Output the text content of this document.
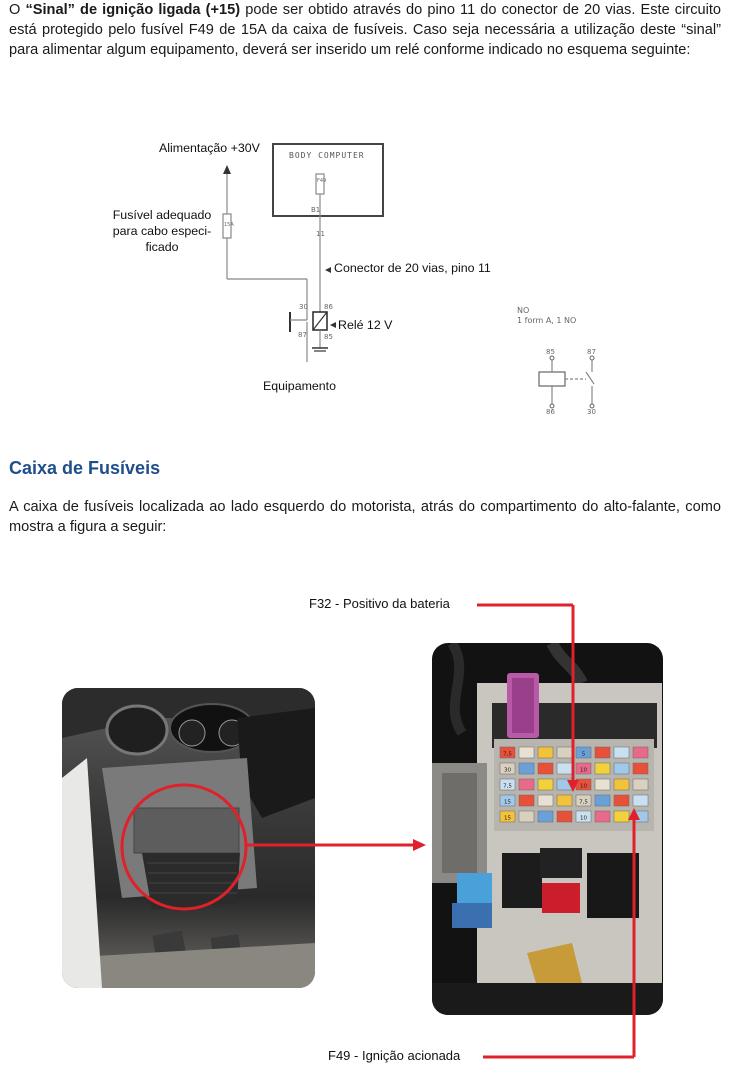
O “Sinal” de ignição ligada (+15) pode ser obtido através do pino 11 do conector de 20 vias. Este circuito está protegido pelo fusível F49 de 15A da caixa de fusíveis. Caso seja necessária a utilização deste “sinal” para alimentar algum equipamento, deverá ser inserido um relé conforme indicado no esquema seguinte:

BODY COMPUTER
F49
B1
11
15A
30 86
87 85
Alimentação +30V
Fusível adequado
para cabo especi-
ficado
Conector de 20 vias, pino 11
Relé 12 V
Equipamento
NO
1 form A, 1 NO
85	87
86	30
Caixa de Fusíveis

A caixa de fusíveis localizada ao lado esquerdo do motorista, atrás do compartimento do alto-falante, como mostra a figura a seguir:

7,5	5
30	10
7,5	10
15	7,5
15	10
F32 - Positivo da bateria
F49 - Ignição acionada
